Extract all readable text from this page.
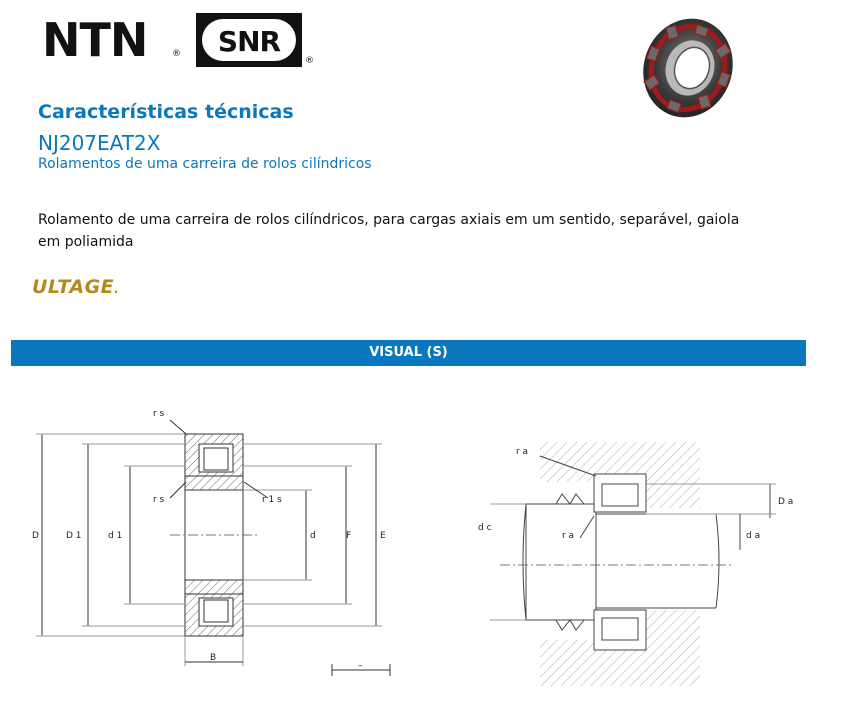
NTN	® SNR
®
Características técnicas
NJ207EAT2X
Rolamentos de uma carreira de rolos cilíndricos
Rolamento de uma carreira de rolos cilíndricos, para cargas axiais em um sentido, separável, gaiola em poliamida
ULTAGE.
VISUAL (S)
r s
r s	r 1 s
D	D 1	d 1	d	F	E
B
–
r a
r a
D a
d c
d a
